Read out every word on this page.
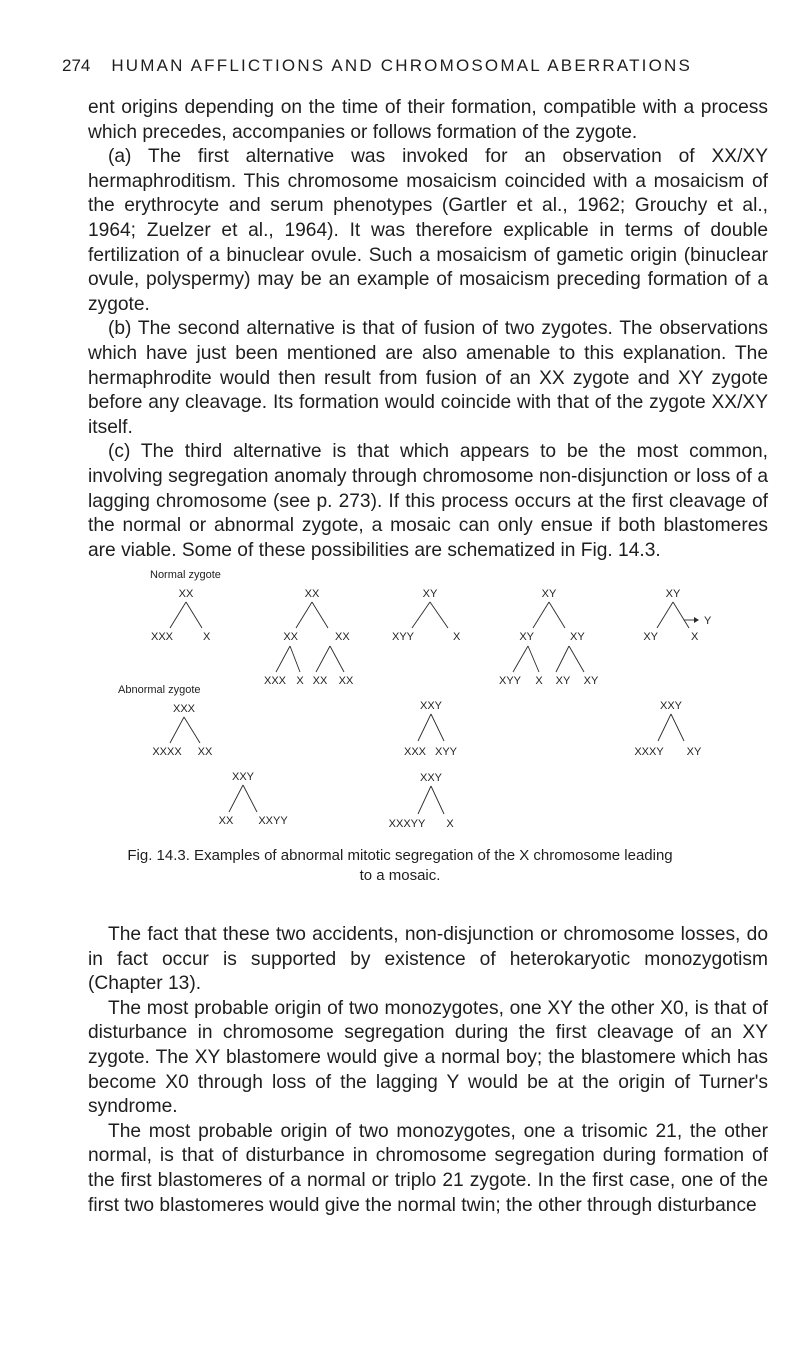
274 HUMAN AFFLICTIONS AND CHROMOSOMAL ABERRATIONS

ent origins depending on the time of their formation, compatible with a process which precedes, accompanies or follows formation of the zygote.

(a) The first alternative was invoked for an observation of XX/XY hermaphroditism. This chromosome mosaicism coincided with a mosaicism of the erythrocyte and serum phenotypes (Gartler et al., 1962; Grouchy et al., 1964; Zuelzer et al., 1964). It was therefore explicable in terms of double fertilization of a binuclear ovule. Such a mosaicism of gametic origin (binuclear ovule, polyspermy) may be an example of mosaicism preceding formation of a zygote.

(b) The second alternative is that of fusion of two zygotes. The observations which have just been mentioned are also amenable to this explanation. The hermaphrodite would then result from fusion of an XX zygote and XY zygote before any cleavage. Its formation would coincide with that of the zygote XX/XY itself.

(c) The third alternative is that which appears to be the most common, involving segregation anomaly through chromosome non-disjunction or loss of a lagging chromosome (see p. 273). If this process occurs at the first cleavage of the normal or abnormal zygote, a mosaic can only ensue if both blastomeres are viable. Some of these possibilities are schematized in Fig. 14.3.

Normal zygote
Abnormal zygote
XX
XXX	X
XX
XX	XX
XXX X XX XX
XY
XYY	X
XY
XY	XY
XYY X XY XY
XY
XY	X
Y
XXX
XXXX XX
XXY
XX XXYY
XXY
XXX XYY
XXY
XXXYY X
XXY
XXXY XY
Fig. 14.3. Examples of abnormal mitotic segregation of the X chromosome leading
to a mosaic.

The fact that these two accidents, non-disjunction or chromosome losses, do in fact occur is supported by existence of heterokaryotic monozygotism (Chapter 13).

The most probable origin of two monozygotes, one XY the other X0, is that of disturbance in chromosome segregation during the first cleavage of an XY zygote. The XY blastomere would give a normal boy; the blastomere which has become X0 through loss of the lagging Y would be at the origin of Turner's syndrome.

The most probable origin of two monozygotes, one a trisomic 21, the other normal, is that of disturbance in chromosome segregation during formation of the first blastomeres of a normal or triplo 21 zygote. In the first case, one of the first two blastomeres would give the normal twin; the other through disturbance
